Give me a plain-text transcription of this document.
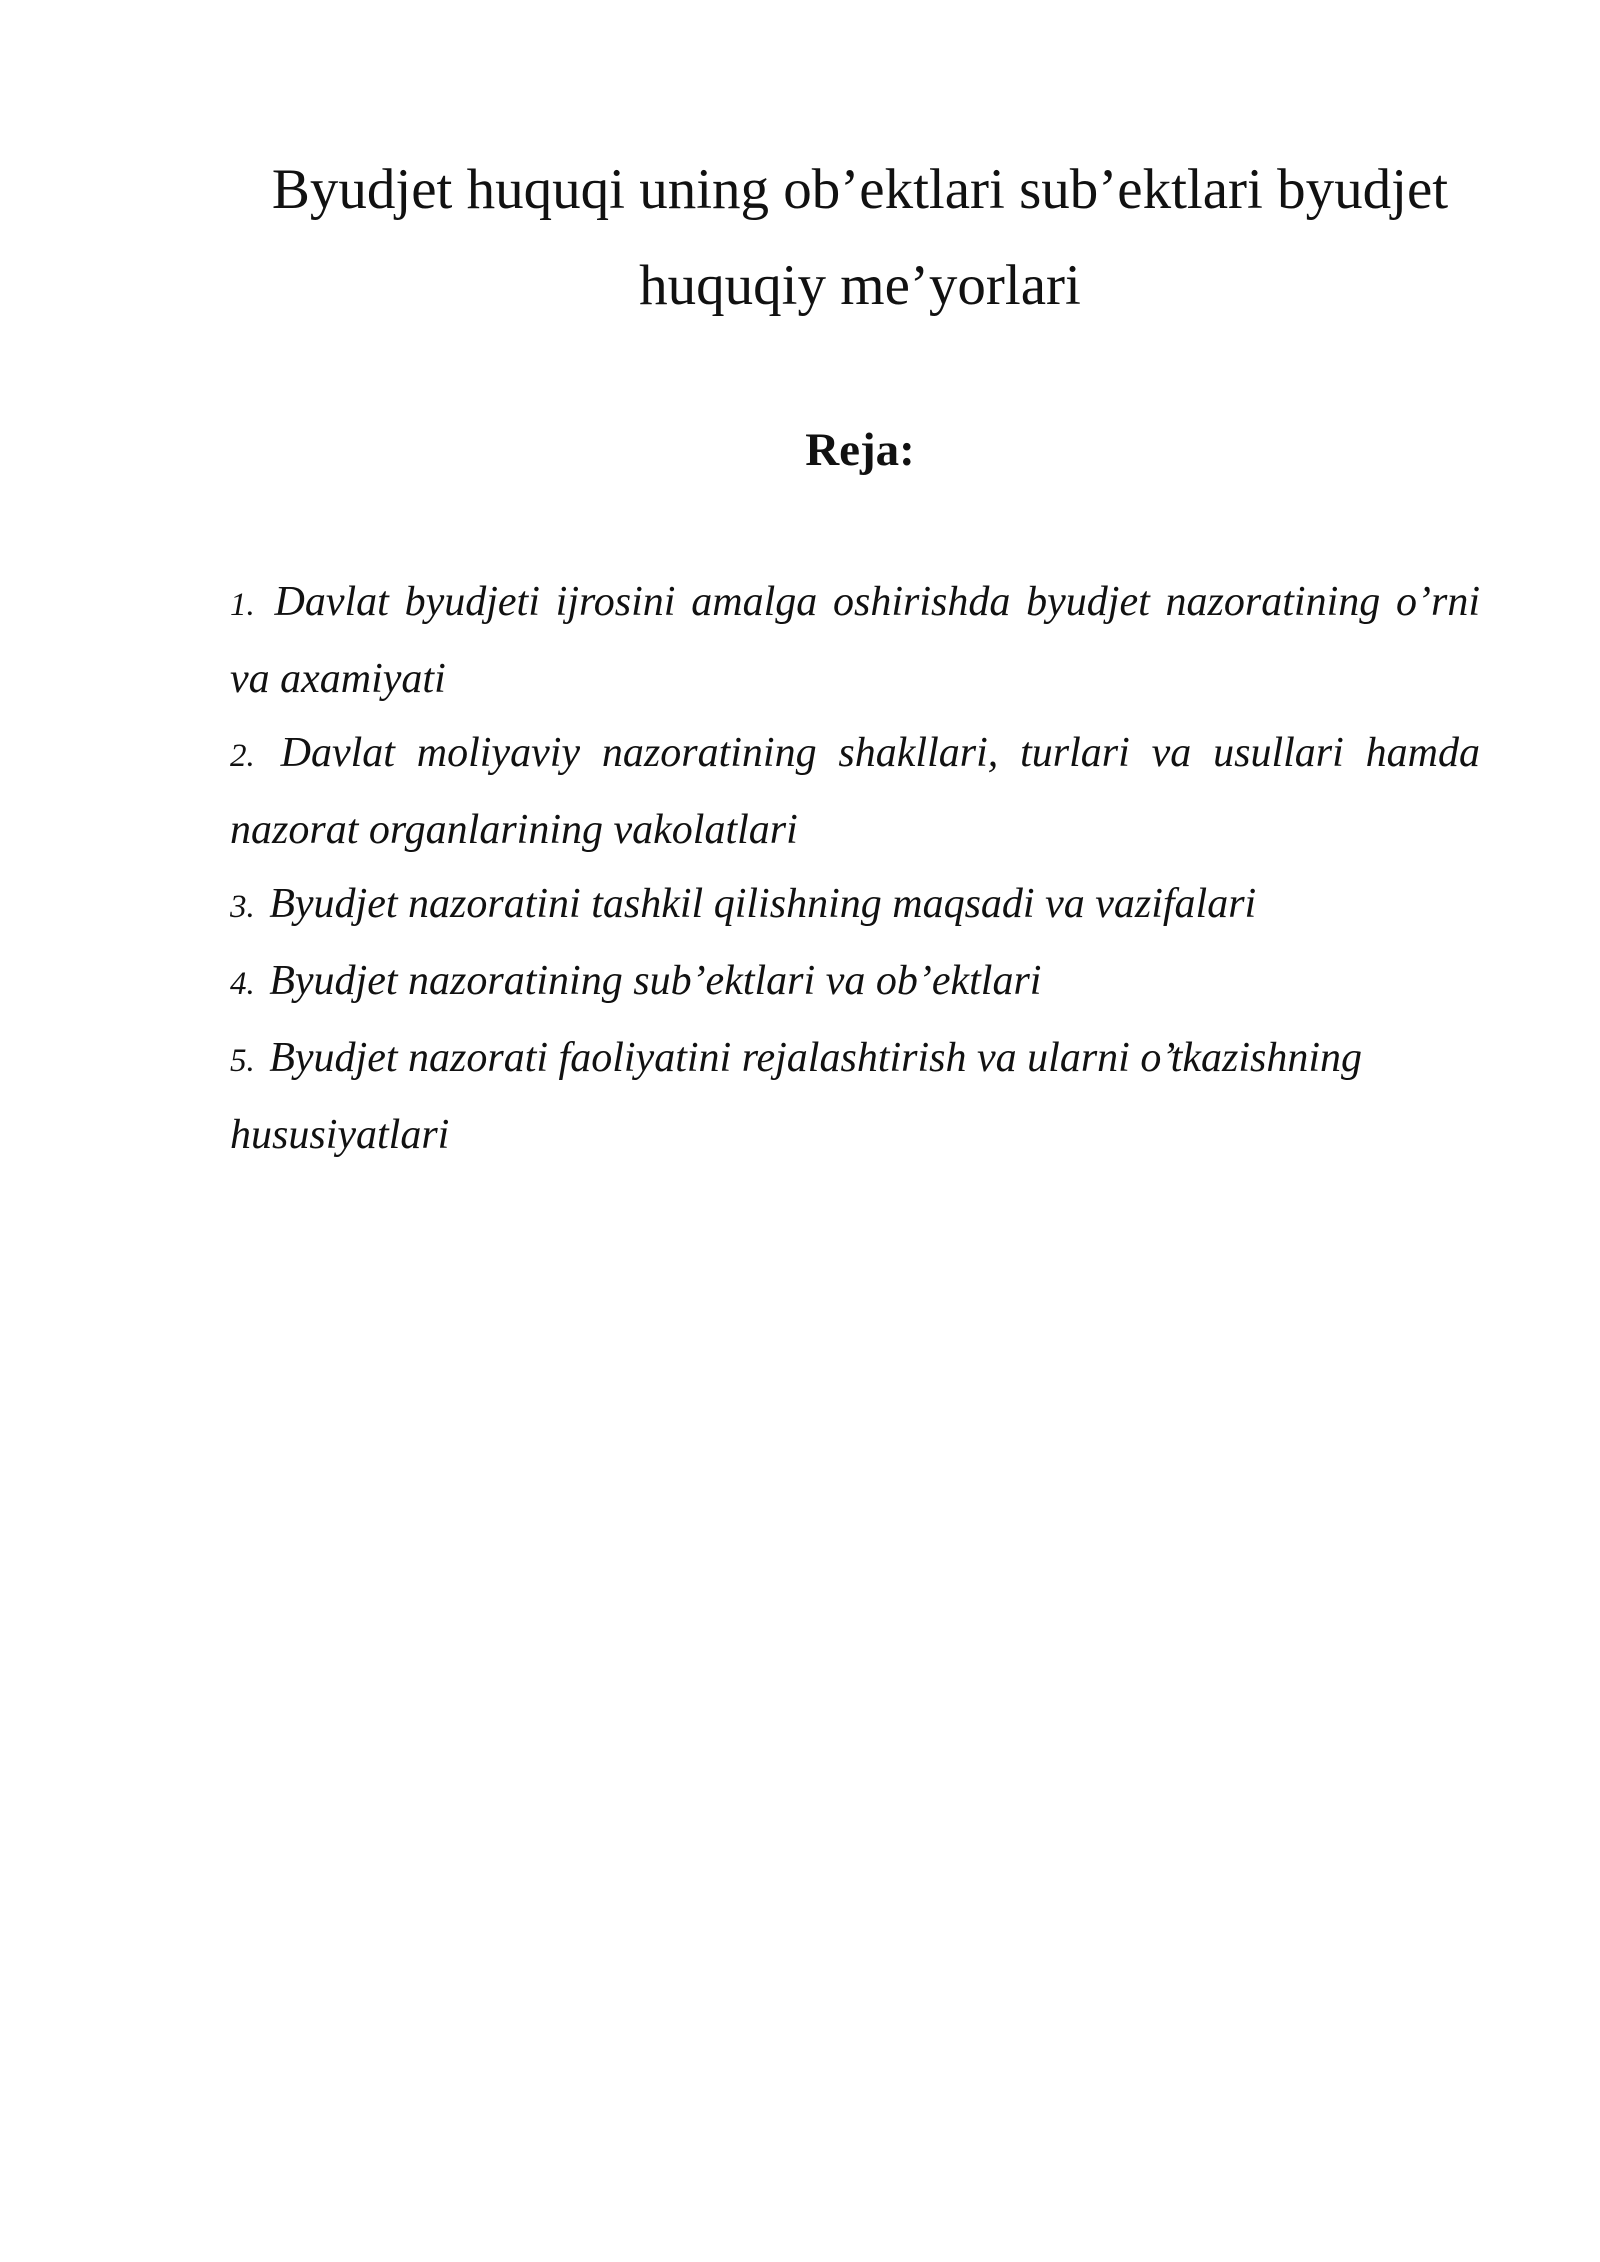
Byudjet huquqi uning ob’ektlari sub’ektlari byudjet
huquqiy me’yorlari
Reja:
1. Davlat byudjeti ijrosini amalga oshirishda byudjet nazoratining o’rni
va axamiyati
2. Davlat moliyaviy nazoratining shakllari, turlari va usullari hamda
nazorat organlarining vakolatlari
3. Byudjet nazoratini tashkil qilishning maqsadi va vazifalari
4. Byudjet nazoratining sub’ektlari va ob’ektlari
5. Byudjet nazorati faoliyatini rejalashtirish va ularni o’tkazishning
hususiyatlari
